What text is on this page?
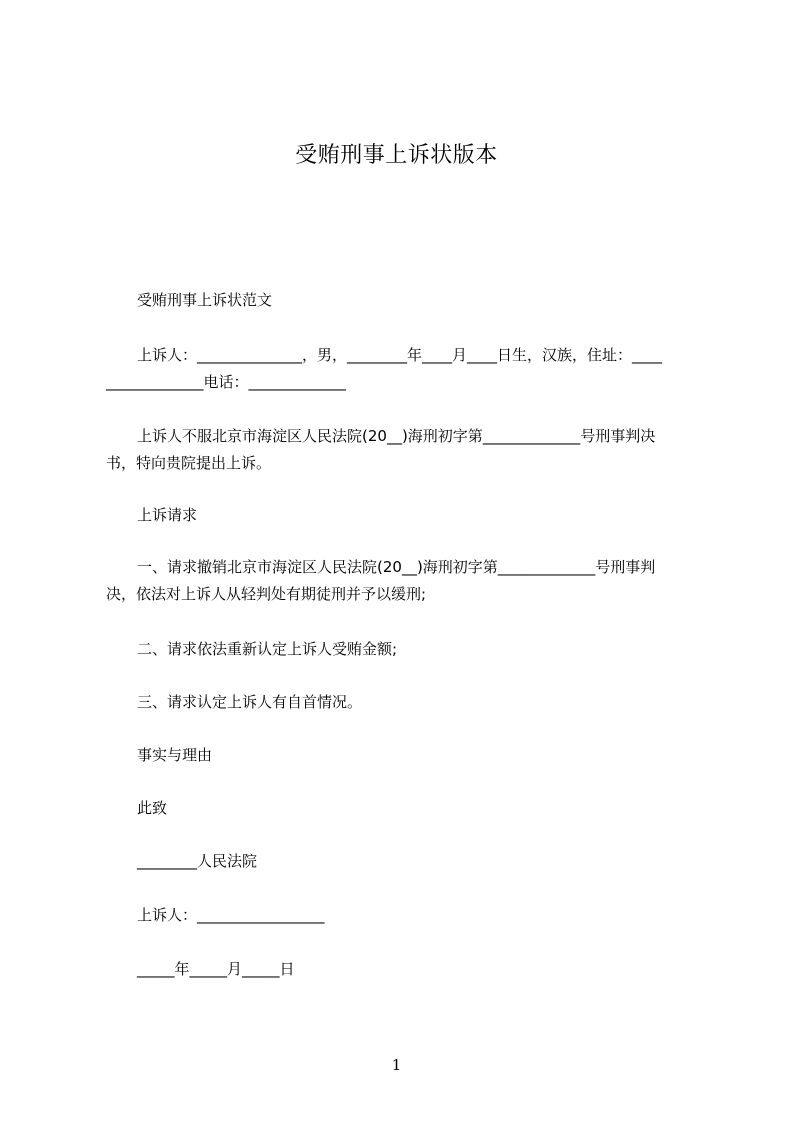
受贿刑事上诉状版本
受贿刑事上诉状范文
上诉人：______________，男，________年____月____日生，汉族，住址：____
_____________电话：_____________
上诉人不服北京市海淀区人民法院(20__)海刑初字第_____________号刑事判决
书，特向贵院提出上诉。
上诉请求
一、请求撤销北京市海淀区人民法院(20__)海刑初字第_____________号刑事判
决，依法对上诉人从轻判处有期徒刑并予以缓刑;
二、请求依法重新认定上诉人受贿金额;
三、请求认定上诉人有自首情况。
事实与理由
此致
________人民法院
上诉人：_________________
_____年_____月_____日
1
